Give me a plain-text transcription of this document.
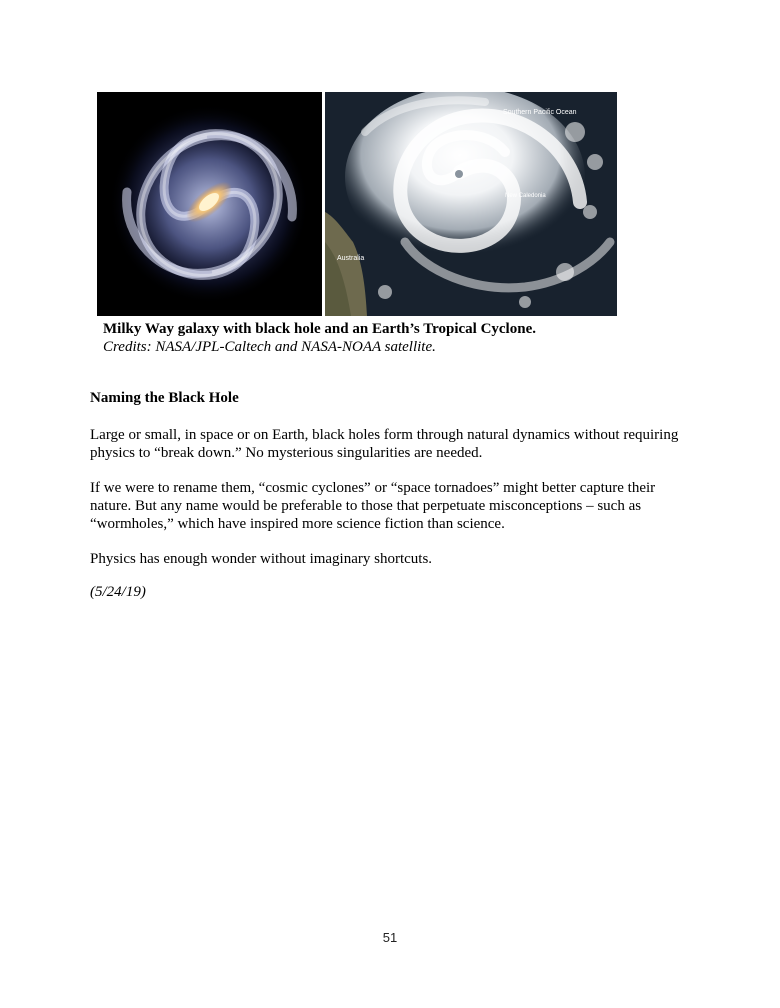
Southern Pacific Ocean
New Caledonia
Australia
Milky Way galaxy with black hole and an Earth’s Tropical Cyclone.
Credits: NASA/JPL-Caltech and NASA-NOAA satellite.
Naming the Black Hole
Large or small, in space or on Earth, black holes form through natural dynamics without requiring physics to “break down.” No mysterious singularities are needed.
If we were to rename them, “cosmic cyclones” or “space tornadoes” might better capture their nature. But any name would be preferable to those that perpetuate misconceptions – such as “wormholes,” which have inspired more science fiction than science.
Physics has enough wonder without imaginary shortcuts.
(5/24/19)
51
